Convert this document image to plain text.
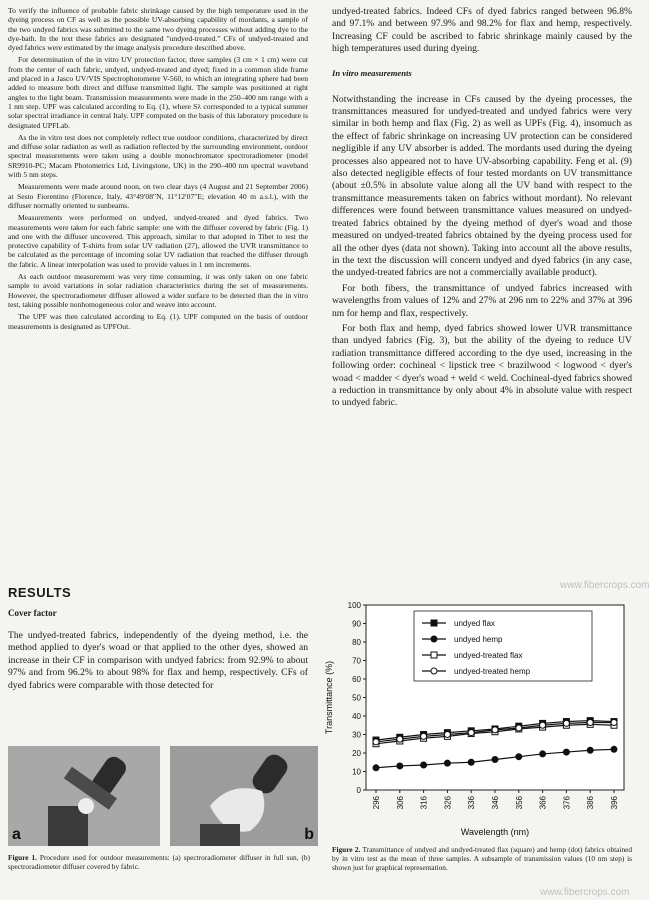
To verify the influence of probable fabric shrinkage caused by the high temperature used in the dyeing process on CF as well as the possible UV-absorbing capability of mordants, a sample of the two undyed fabrics was submitted to the same two dyeing processes without adding dye to the dye-bath. In the text these fabrics are designated "undyed-treated." CFs of undyed-treated and dyed fabrics were estimated by the image analysis procedure described above.

For determination of the in vitro UV protection factor, three samples (3 cm × 1 cm) were cut from the center of each fabric, undyed, undyed-treated and dyed; fixed in a common slide frame and placed in a Jasco UV/VIS Spectrophotometer V-560, to which an integrating sphere had been added to measure both direct and diffuse transmitted light. The sample was positioned at right angles to the light beam. Transmission measurements were made in the 250–400 nm range with a 1 nm step. UPF was calculated according to Eq. (1), where Sλ corresponded to a typical summer solar spectral irradiance in central Italy. UPF computed on the basis of this laboratory procedure is designated UPFLab.

As the in vitro test does not completely reflect true outdoor conditions, characterized by direct and diffuse solar radiation as well as radiation reflected by the surrounding environment, outdoor spectral measurements were taken using a double monochromator spectroradiometer (model SR9910-PC; Macam Photometrics Ltd, Livingstone, UK) in the 290–400 nm spectral waveband with 5 nm steps.

Measurements were made around noon, on two clear days (4 August and 21 September 2006) at Sesto Fiorentino (Florence, Italy, 43°49′08″N, 11°12′07″E; elevation 40 m a.s.l.), with the diffuser normally oriented to sunbeams.

Measurements were performed on undyed, undyed-treated and dyed fabrics. Two measurements were taken for each fabric sample: one with the diffuser covered by fabric (Fig. 1) and one with the diffuser uncovered. This approach, similar to that adopted in Tibet to test the protective capability of T-shirts from solar UV radiation (27), allowed the UVR transmittance to be calculated as the percentage of incoming solar UV radiation that reached the diffuser through the fabric. A linear interpolation was used to provide values in 1 nm increments.

As each outdoor measurement was very time consuming, it was only taken on one fabric sample to avoid variations in solar radiation characteristics during the set of measurements. However, the spectroradiometer diffuser allowed a wider surface to be detected than the in vitro test, taking possible nonhomogeneous color and weave into account.

The UPF was then calculated according to Eq. (1). UPF computed on the basis of outdoor measurements is designated as UPFOut.

undyed-treated fabrics. Indeed CFs of dyed fabrics ranged between 96.8% and 97.1% and between 97.9% and 98.2% for flax and hemp, respectively. Increasing CF could be ascribed to fabric shrinkage mainly caused by the high temperatures used during dyeing.

In vitro measurements

Notwithstanding the increase in CFs caused by the dyeing processes, the transmittances measured for undyed-treated and undyed fabrics were very similar in both hemp and flax (Fig. 2) as well as UPFs (Fig. 4), insomuch as the effect of fabric shrinkage on increasing UV protection can be considered negligible if any UV absorber is added. The mordants used during the dyeing processes also appeared not to have UV-absorbing capability. Feng et al. (9) also detected negligible effects of four tested mordants on UV transmittance (about ±0.5% in absolute value along all the UV band with respect to the transmittance measurements taken on fabrics without mordant). No relevant differences were found between transmittance values measured on undyed-treated fabrics obtained by the dyeing method of dyer's woad and those measured on undyed-treated fabrics obtained by the dyeing process used for all the other dyes (data not shown). Taking into account all the above results, in the text the discussion will concern undyed and dyed fabrics (in any case, the undyed-treated fabrics are not a commercially available product).

For both fibers, the transmittance of undyed fabrics increased with wavelengths from values of 12% and 27% at 296 nm to 22% and 37% at 396 nm for hemp and flax, respectively.

For both flax and hemp, dyed fabrics showed lower UVR transmittance than undyed fabrics (Fig. 3), but the ability of the dyeing to reduce UV radiation transmittance differed according to the dye used, increasing in the following order: cochineal < lipstick tree < brazilwood < logwood < dyer's woad < madder < dyer's woad + weld < weld. Cochineal-dyed fabrics showed a reduction in transmittance by only about 4% in absolute value with respect to undyed fabric.

RESULTS
Cover factor

The undyed-treated fabrics, independently of the dyeing method, i.e. the method applied to dyer's woad or that applied to the other dyes, showed an increase in their CF in comparison with undyed fabrics: from 92.9% to about 97% and from 96.2% to about 98% for flax and hemp, respectively. CFs of dyed fabrics were comparable with those detected for

a	b
Figure 1. Procedure used for outdoor measurements: (a) spectroradiometer diffuser in full sun, (b) spectroradiometer diffuser covered by fabric.
0
10
20
30
40
50
60
70
80
90
100
296 306 316 326 336 346 356 366 376 386 396
Wavelength (nm)
Transmittance (%)
undyed flax
undyed hemp
undyed-treated flax
undyed-treated hemp
Figure 2. Transmittance of undyed and undyed-treated flax (square) and hemp (dot) fabrics obtained by in vitro test as the mean of three samples. A subsample of transmission values (10 nm step) is shown just for graphical representation.
www.fibercrops.com
www.fibercrops.com
